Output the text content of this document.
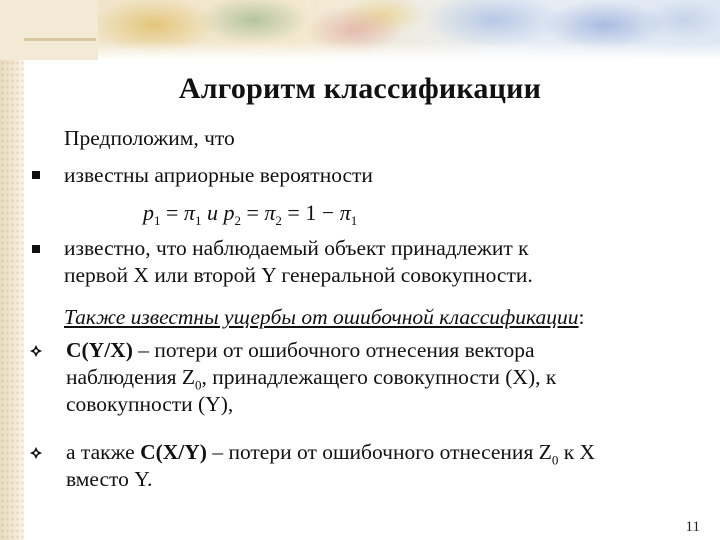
Алгоритм классификации
Предположим, что
известны априорные вероятности
$p_1 = \pi_1$ и $p_2 = \pi_2 = 1 - \pi_1$
известно, что наблюдаемый объект принадлежит к
первой X или второй Y генеральной совокупности.
Также известны ущербы от ошибочной классификации:
C(Y/X) – потери от ошибочного отнесения вектора
наблюдения $Z_0$, принадлежащего совокупности (X), к
совокупности (Y),
а также C(X/Y) – потери от ошибочного отнесения $Z_0$ к X
вместо Y.
11
